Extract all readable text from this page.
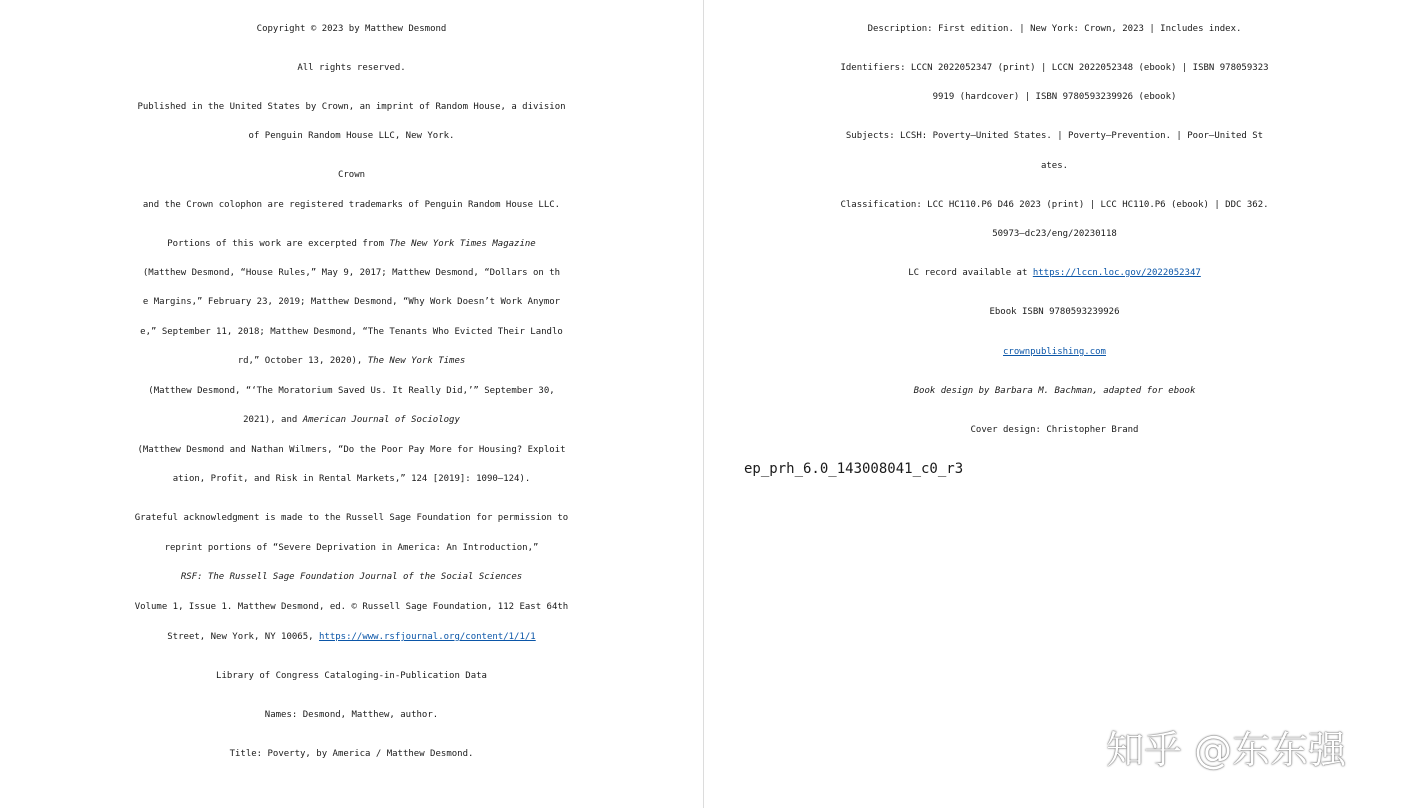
Copyright © 2023 by Matthew Desmond
All rights reserved.
Published in the United States by Crown, an imprint of Random House, a division
of Penguin Random House LLC, New York.
Crown
and the Crown colophon are registered trademarks of Penguin Random House LLC.
Portions of this work are excerpted from The New York Times Magazine
(Matthew Desmond, “House Rules,” May 9, 2017; Matthew Desmond, “Dollars on th
e Margins,” February 23, 2019; Matthew Desmond, “Why Work Doesn’t Work Anymor
e,” September 11, 2018; Matthew Desmond, “The Tenants Who Evicted Their Landlo
rd,” October 13, 2020), The New York Times
(Matthew Desmond, “‘The Moratorium Saved Us. It Really Did,’” September 30,
2021), and American Journal of Sociology
(Matthew Desmond and Nathan Wilmers, “Do the Poor Pay More for Housing? Exploit
ation, Profit, and Risk in Rental Markets,” 124 [2019]: 1090–124).
Grateful acknowledgment is made to the Russell Sage Foundation for permission to
reprint portions of “Severe Deprivation in America: An Introduction,”
RSF: The Russell Sage Foundation Journal of the Social Sciences
Volume 1, Issue 1. Matthew Desmond, ed. © Russell Sage Foundation, 112 East 64th
Street, New York, NY 10065, https://www.rsfjournal.org/content/1/1/1
Library of Congress Cataloging-in-Publication Data
Names: Desmond, Matthew, author.
Title: Poverty, by America / Matthew Desmond.
Description: First edition. | New York: Crown, 2023 | Includes index.
Identifiers: LCCN 2022052347 (print) | LCCN 2022052348 (ebook) | ISBN 978059323
9919 (hardcover) | ISBN 9780593239926 (ebook)
Subjects: LCSH: Poverty—United States. | Poverty—Prevention. | Poor—United St
ates.
Classification: LCC HC110.P6 D46 2023 (print) | LCC HC110.P6 (ebook) | DDC 362.
50973—dc23/eng/20230118
LC record available at https://lccn.loc.gov/2022052347
Ebook ISBN 9780593239926
crownpublishing.com
Book design by Barbara M. Bachman, adapted for ebook
Cover design: Christopher Brand
ep_prh_6.0_143008041_c0_r3
知乎 @东东强
